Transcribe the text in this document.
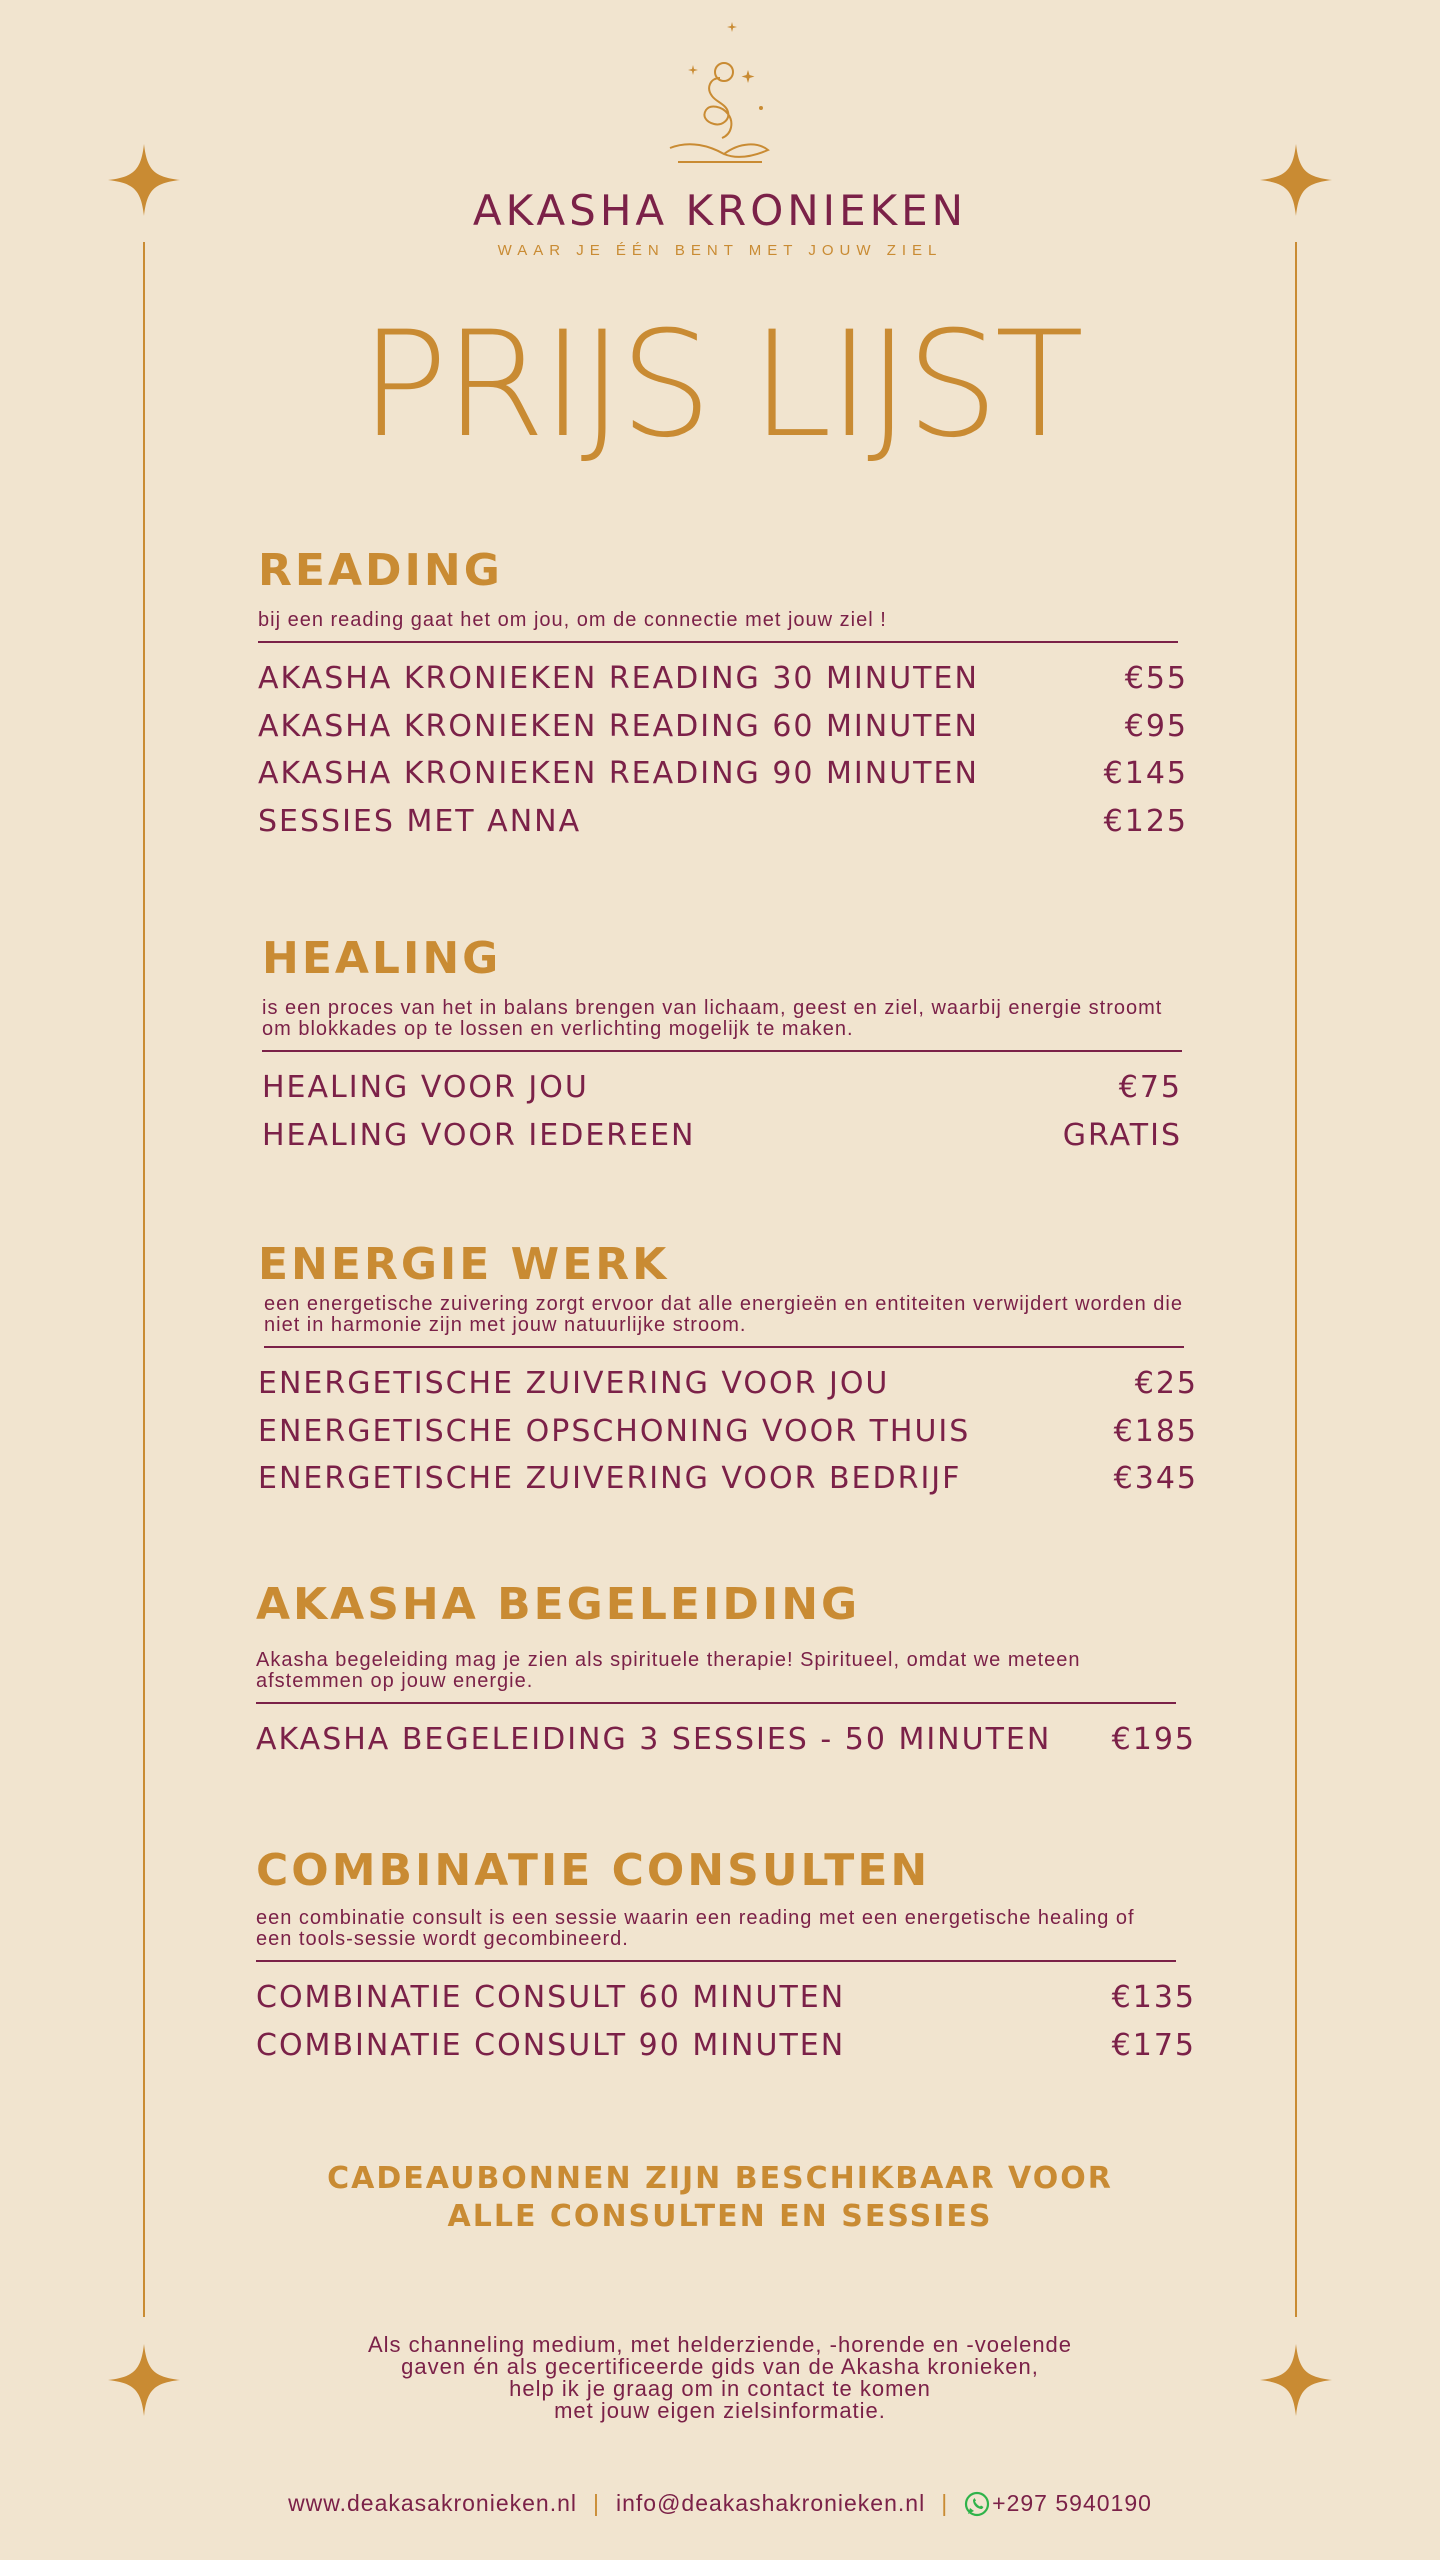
AKASHA KRONIEKEN
WAAR JE ÉÉN BENT MET JOUW ZIEL
PRIJS LIJST
READING

bij een reading gaat het om jou, om de connectie met jouw ziel !

AKASHA KRONIEKEN READING 30 MINUTEN	€55
AKASHA KRONIEKEN READING 60 MINUTEN	€95
AKASHA KRONIEKEN READING 90 MINUTEN	€145
SESSIES MET ANNA	€125
HEALING

is een proces van het in balans brengen van lichaam, geest en ziel, waarbij energie stroomt om blokkades op te lossen en verlichting mogelijk te maken.

HEALING VOOR JOU	€75
HEALING VOOR IEDEREEN	GRATIS
ENERGIE WERK

een energetische zuivering zorgt ervoor dat alle energieën en entiteiten verwijdert worden die niet in harmonie zijn met jouw natuurlijke stroom.

ENERGETISCHE ZUIVERING VOOR JOU	€25
ENERGETISCHE OPSCHONING VOOR THUIS	€185
ENERGETISCHE ZUIVERING VOOR BEDRIJF	€345
AKASHA BEGELEIDING

Akasha begeleiding mag je zien als spirituele therapie! Spiritueel, omdat we meteen afstemmen op jouw energie.

AKASHA BEGELEIDING 3 SESSIES - 50 MINUTEN €195
COMBINATIE CONSULTEN

een combinatie consult is een sessie waarin een reading met een energetische healing of een tools-sessie wordt gecombineerd.

COMBINATIE CONSULT 60 MINUTEN	€135
COMBINATIE CONSULT 90 MINUTEN	€175
CADEAUBONNEN ZIJN BESCHIKBAAR VOOR
ALLE CONSULTEN EN SESSIES
Als channeling medium, met helderziende, -horende en -voelende
gaven én als gecertificeerde gids van de Akasha kronieken,
help ik je graag om in contact te komen
met jouw eigen zielsinformatie.
www.deakasakronieken.nl | info@deakashakronieken.nl | +297 5940190
